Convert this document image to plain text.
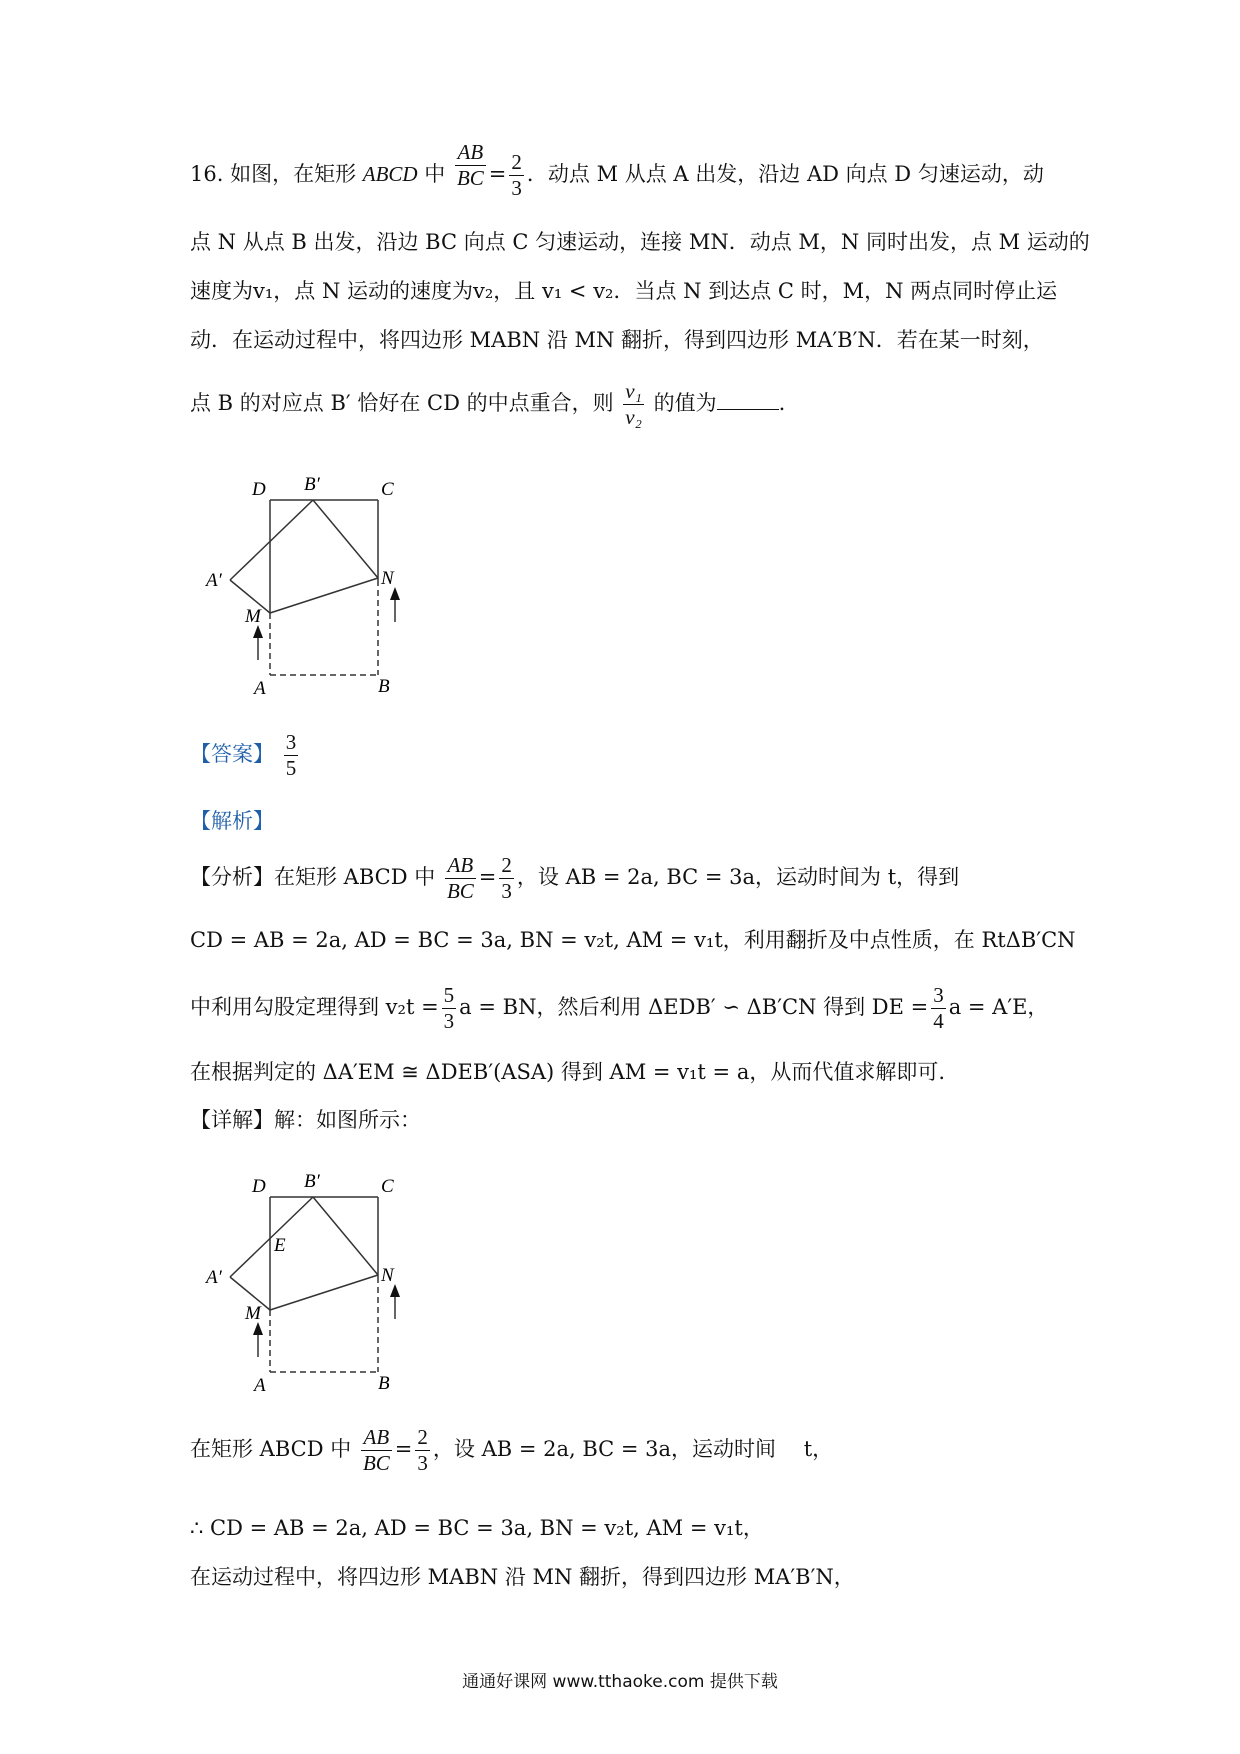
16. 如图，在矩形 ABCD 中 $\frac{AB}{BC} = \frac{2}{3}$ ．动点 M 从点 A 出发，沿边 AD 向点 D 匀速运动，动
点 N 从点 B 出发，沿边 BC 向点 C 匀速运动，连接 MN．动点 M，N 同时出发，点 M 运动的
速度为v₁，点 N 运动的速度为v₂，且 v₁ < v₂．当点 N 到达点 C 时，M，N 两点同时停止运
动．在运动过程中，将四边形 MABN 沿 MN 翻折，得到四边形 MA′B′N．若在某一时刻，
点 B 的对应点 B′ 恰好在 CD 的中点重合，则 $\frac{\text{v₁}}{\text{v₂}}$ 的值为	.
D B′	C
A′	N
M
A	B
【答案】 $\frac{3}{5}$
【解析】
【分析】在矩形 ABCD 中 $\frac{AB}{BC} = \frac{2}{3}$ ，设 AB = 2a, BC = 3a，运动时间为 t，得到
CD = AB = 2a, AD = BC = 3a, BN = v₂t, AM = v₁t，利用翻折及中点性质，在 RtΔB′CN
中利用勾股定理得到 $v_2t = \frac{5}{3}$ a = BN，然后利用 ΔEDB′ ∽ ΔB′CN 得到 DE = $\frac{3}{4}$ a = A′E，
在根据判定的 ΔA′EM ≅ ΔDEB′(ASA) 得到 AM = v₁t = a，从而代值求解即可.
【详解】解：如图所示：
D B′	C
E
A′	N
M
A	B
在矩形 ABCD 中 $\frac{AB}{BC} = \frac{2}{3}$ ，设 AB = 2a, BC = 3a，运动时间 　t，
∴ CD = AB = 2a, AD = BC = 3a, BN = v₂t, AM = v₁t，
在运动过程中，将四边形 MABN 沿 MN 翻折，得到四边形 MA′B′N，
通通好课网 www.tthaoke.com 提供下载
